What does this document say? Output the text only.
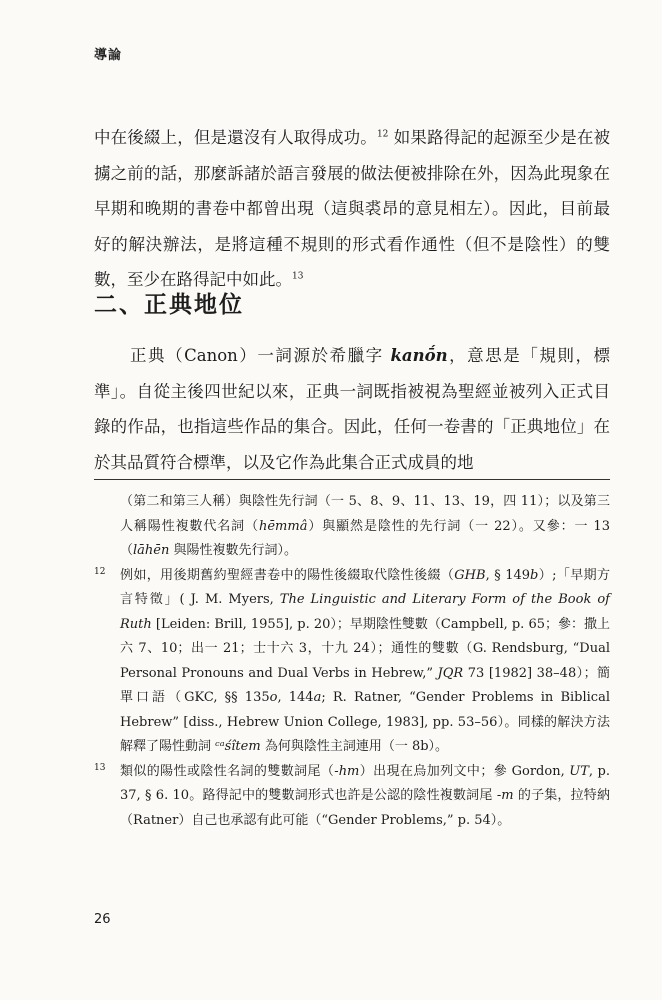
導論
中在後綴上，但是還沒有人取得成功。$^{12}$ 如果路得記的起源至少是在被擄之前的話，那麼訴諸於語言發展的做法便被排除在外，因為此現象在早期和晚期的書卷中都曾出現（這與裘昂的意見相左）。因此，目前最好的解決辦法，是將這種不規則的形式看作通性（但不是陰性）的雙數，至少在路得記中如此。$^{13}$
二、正典地位
正典（Canon）一詞源於希臘字 kanṓn，意思是「規則，標準」。自從主後四世紀以來，正典一詞既指被視為聖經並被列入正式目錄的作品，也指這些作品的集合。因此，任何一卷書的「正典地位」在於其品質符合標準，以及它作為此集合正式成員的地
（第二和第三人稱）與陰性先行詞（一 5、8、9、11、13、19，四 11）；以及第三人稱陽性複數代名詞（hēmmâ）與顯然是陰性的先行詞（一 22）。又參：一 13（lāhēn 與陽性複數先行詞）。
12 例如，用後期舊約聖經書卷中的陽性後綴取代陰性後綴（GHB, § 149b）;「早期方言特徵」( J. M. Myers, The Linguistic and Literary Form of the Book of Ruth [Leiden: Brill, 1955], p. 20）；早期陰性雙數（Campbell, p. 65；參：撒上六 7、10；出一 21；士十六 3，十九 24）；通性的雙數（G. Rendsburg, “Dual Personal Pronouns and Dual Verbs in Hebrew,” JQR 73 [1982] 38–48）；簡單口語（GKC, §§ 135o, 144a; R. Ratner, “Gender Problems in Biblical Hebrew” [diss., Hebrew Union College, 1983], pp. 53–56）。同樣的解決方法解釋了陽性動詞 ᶜᵃśîtem 為何與陰性主詞連用（一 8b）。
13 類似的陽性或陰性名詞的雙數詞尾（-hm）出現在烏加列文中；參 Gordon, UT, p. 37, § 6. 10。路得記中的雙數詞形式也許是公認的陰性複數詞尾 -m 的子集，拉特納（Ratner）自己也承認有此可能（“Gender Problems,” p. 54）。
26
